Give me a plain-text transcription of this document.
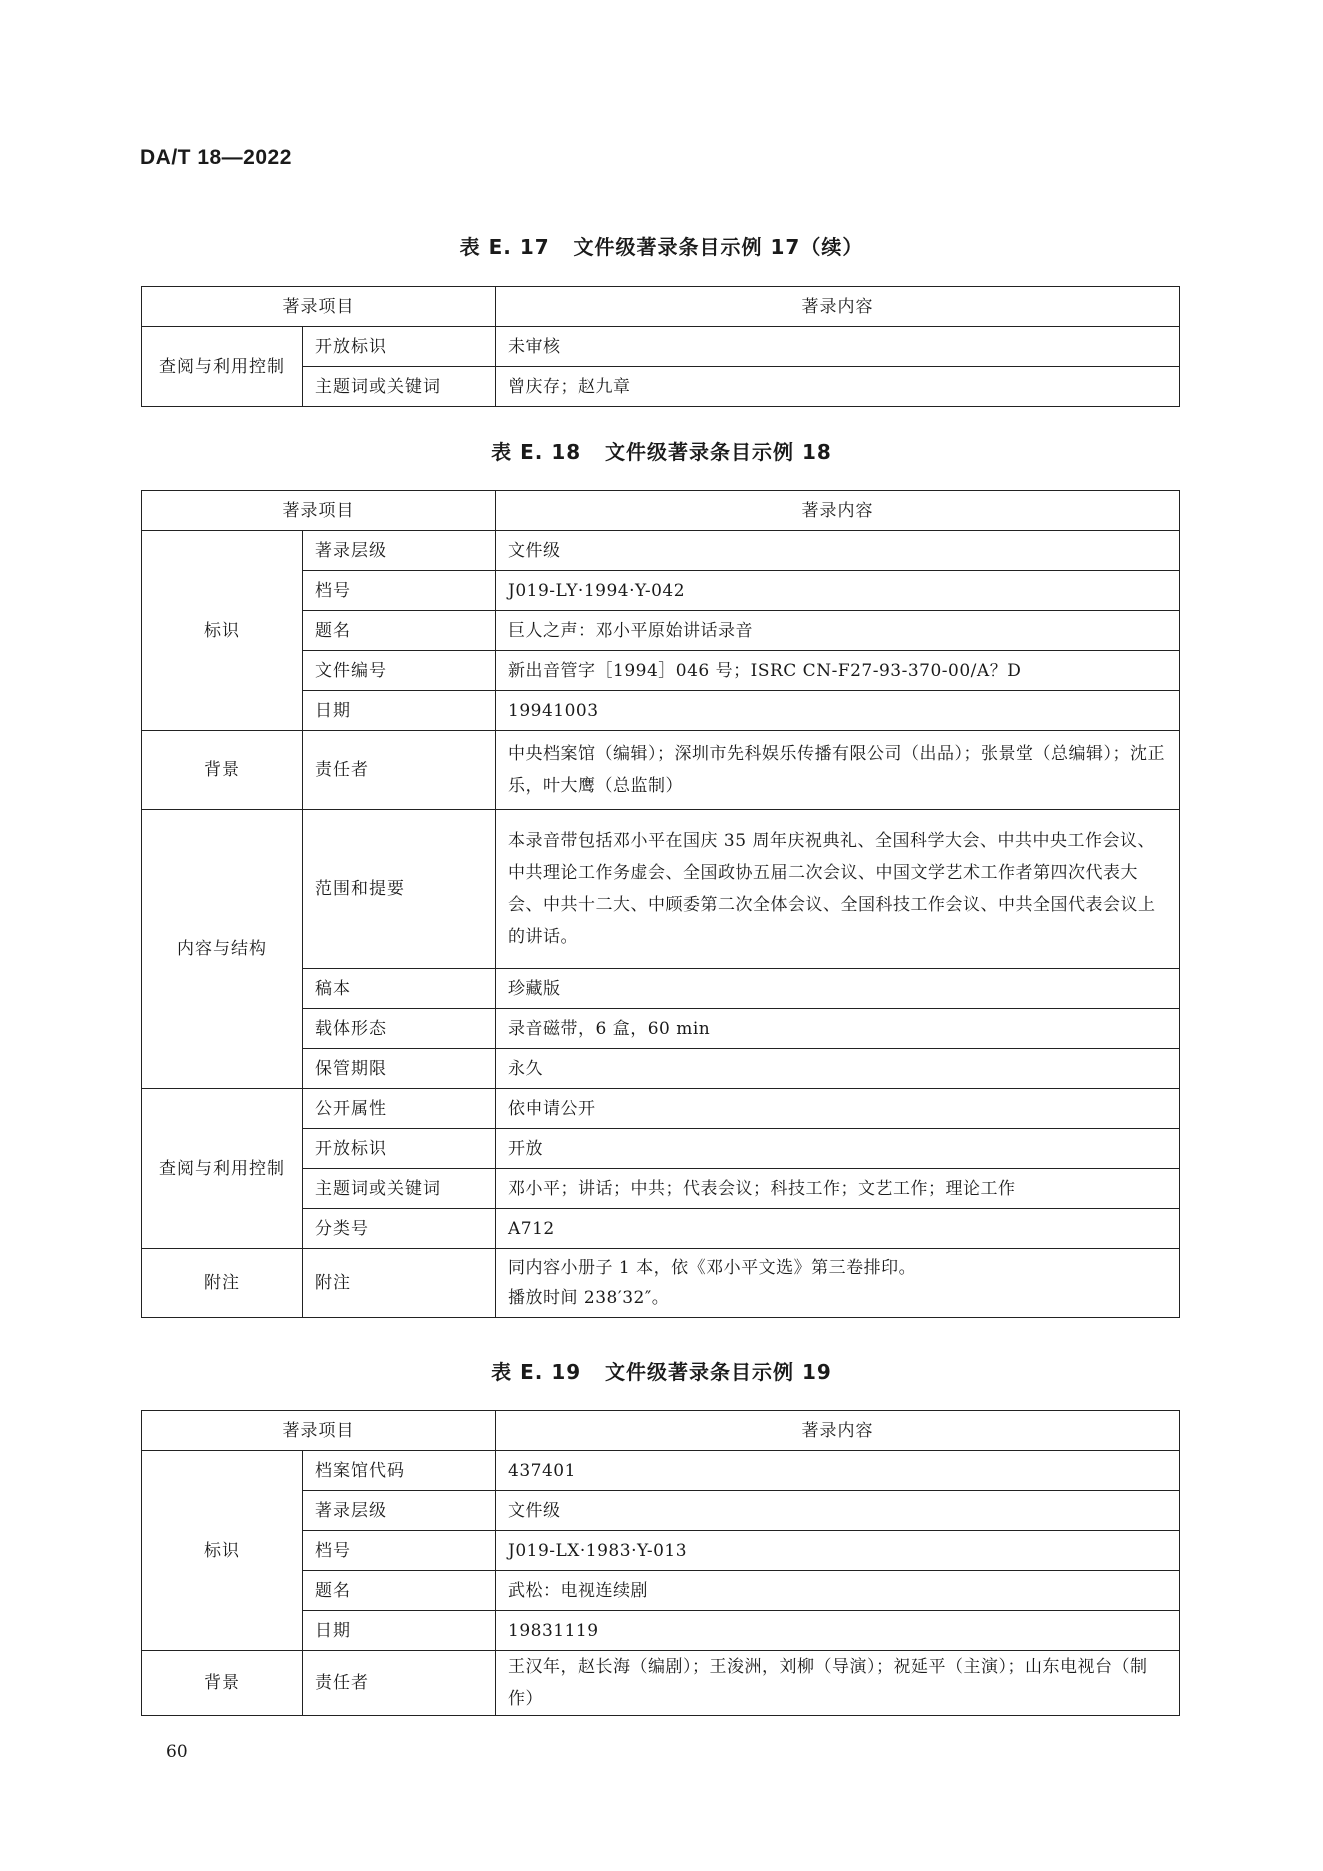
DA/T 18—2022
表 E. 17   文件级著录条目示例 17（续）
著录项目		著录内容
查阅与利用控制	开放标识	未审核
	主题词或关键词	曾庆存；赵九章
表 E. 18   文件级著录条目示例 18
著录项目		著录内容
标识	著录层级	文件级
	档号	J019-LY·1994·Y-042
	题名	巨人之声：邓小平原始讲话录音
	文件编号	新出音管字［1994］046 号；ISRC CN-F27-93-370-00/A？D
	日期	19941003
背景	责任者	中央档案馆（编辑）；深圳市先科娱乐传播有限公司（出品）；张景堂（总编辑）；沈正乐，叶大鹰（总监制）
内容与结构	范围和提要	本录音带包括邓小平在国庆 35 周年庆祝典礼、全国科学大会、中共中央工作会议、中共理论工作务虚会、全国政协五届二次会议、中国文学艺术工作者第四次代表大会、中共十二大、中顾委第二次全体会议、全国科技工作会议、中共全国代表会议上的讲话。
	稿本	珍藏版
	载体形态	录音磁带，6 盒，60 min
	保管期限	永久
查阅与利用控制	公开属性	依申请公开
	开放标识	开放
	主题词或关键词	邓小平；讲话；中共；代表会议；科技工作；文艺工作；理论工作
	分类号	A712
附注	附注	同内容小册子 1 本，依《邓小平文选》第三卷排印。
播放时间 238′32″。
表 E. 19   文件级著录条目示例 19
著录项目		著录内容
标识	档案馆代码	437401
	著录层级	文件级
	档号	J019-LX·1983·Y-013
	题名	武松：电视连续剧
	日期	19831119
背景	责任者	王汉年，赵长海（编剧）；王浚洲，刘柳（导演）；祝延平（主演）；山东电视台（制作）
60
